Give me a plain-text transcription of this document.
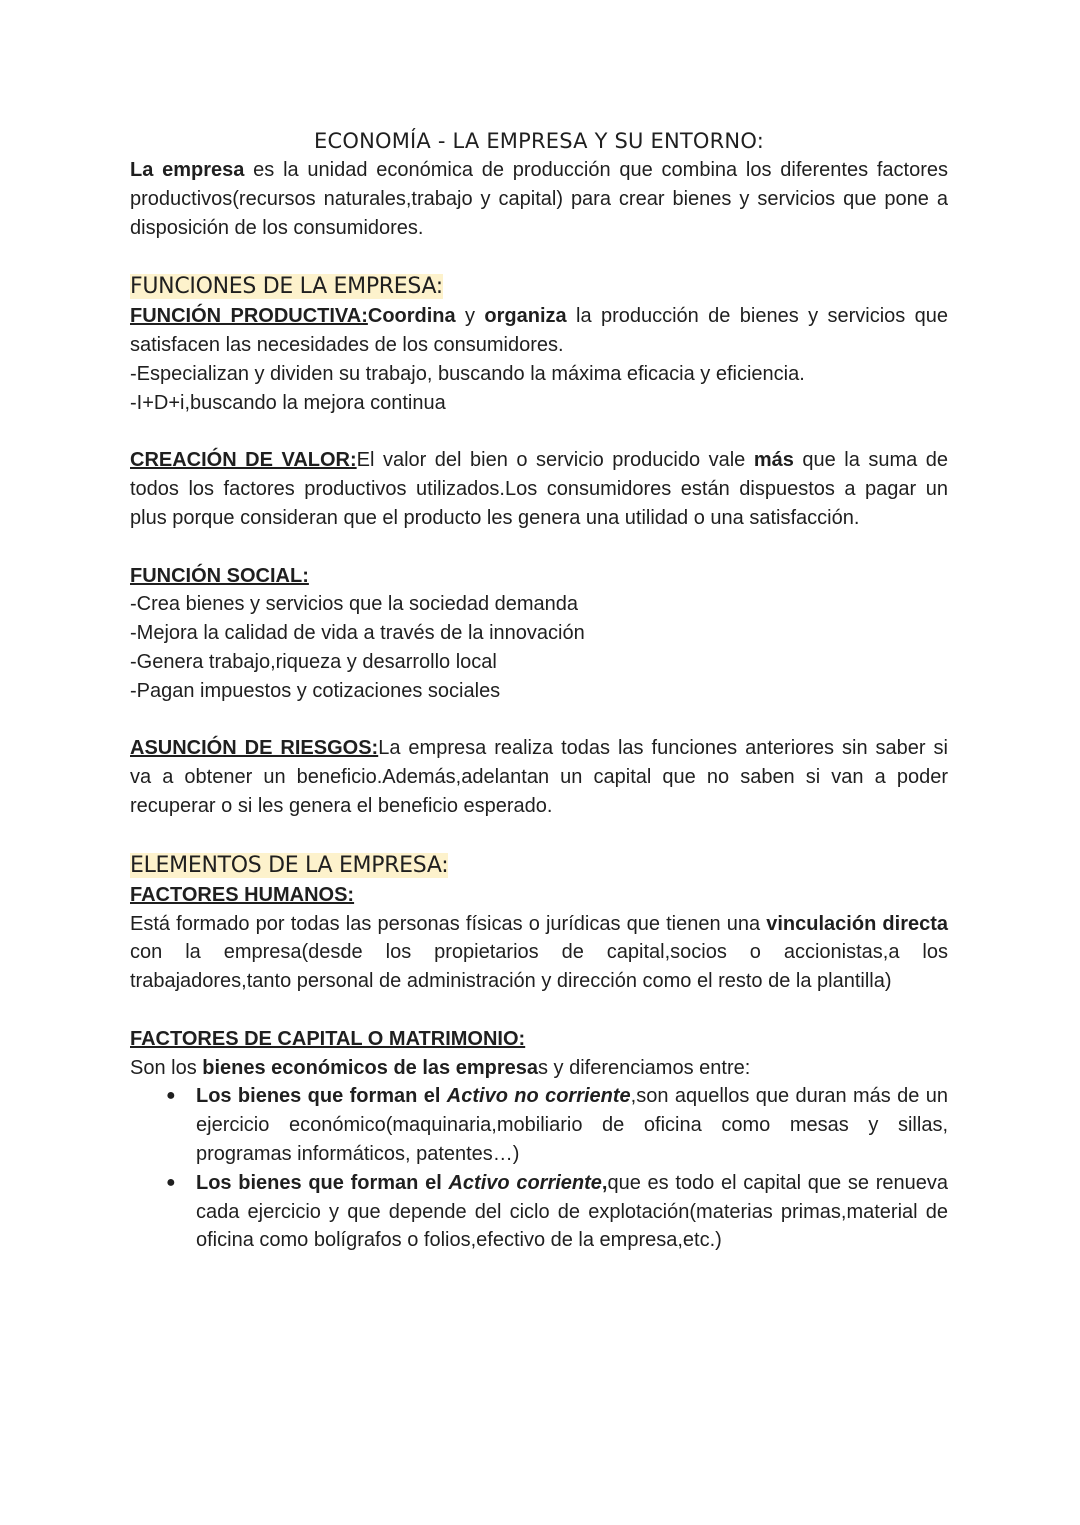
ECONOMÍA - LA EMPRESA Y SU ENTORNO:

La empresa es la unidad económica de producción que combina los diferentes factores productivos(recursos naturales,trabajo y capital) para crear bienes y servicios que pone a disposición de los consumidores.

FUNCIONES DE LA EMPRESA:

FUNCIÓN PRODUCTIVA:Coordina y organiza la producción de bienes y servicios que satisfacen las necesidades de los consumidores.

-Especializan y dividen su trabajo, buscando la máxima eficacia y eficiencia.

-I+D+i,buscando la mejora continua

CREACIÓN DE VALOR:El valor del bien o servicio producido vale más que la suma de todos los factores productivos utilizados.Los consumidores están dispuestos a pagar un plus porque consideran que el producto les genera una utilidad o una satisfacción.

FUNCIÓN SOCIAL:

-Crea bienes y servicios que la sociedad demanda

-Mejora la calidad de vida a través de la innovación

-Genera trabajo,riqueza y desarrollo local

-Pagan impuestos y cotizaciones sociales

ASUNCIÓN DE RIESGOS:La empresa realiza todas las funciones anteriores sin saber si va a obtener un beneficio.Además,adelantan un capital que no saben si van a poder recuperar o si les genera el beneficio esperado.

ELEMENTOS DE LA EMPRESA:

FACTORES HUMANOS:

Está formado por todas las personas físicas o jurídicas que tienen una vinculación directa con la empresa(desde los propietarios de capital,socios o accionistas,a los trabajadores,tanto personal de administración y dirección como el resto de la plantilla)

FACTORES DE CAPITAL O MATRIMONIO:

Son los bienes económicos de las empresas y diferenciamos entre:

● Los bienes que forman el Activo no corriente,son aquellos que duran más de un ejercicio económico(maquinaria,mobiliario de oficina como mesas y sillas, programas informáticos, patentes…)
● Los bienes que forman el Activo corriente,que es todo el capital que se renueva cada ejercicio y que depende del ciclo de explotación(materias primas,material de oficina como bolígrafos o folios,efectivo de la empresa,etc.)
